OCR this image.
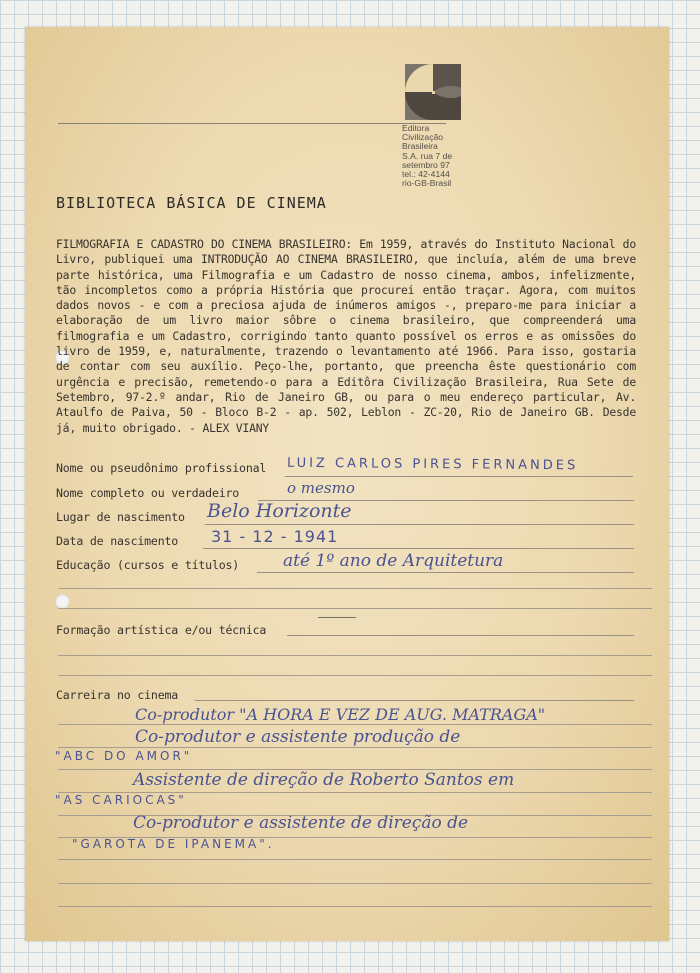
Editora
Civilização
Brasileira
S.A. rua 7 de
setembro 97
tel.: 42-4144
rio-GB-Brasil

BIBLIOTECA BÁSICA DE CINEMA

FILMOGRAFIA E CADASTRO DO CINEMA BRASILEIRO: Em 1959, através do Instituto Nacional do Livro, publiquei uma INTRODUÇÃO AO CINEMA BRASILEIRO, que incluía, além de uma breve parte histórica, uma Filmografia e um Cadastro de nosso cinema, ambos, infelizmente, tão incompletos como a própria História que procurei então traçar. Agora, com muitos dados novos - e com a preciosa ajuda de inúmeros amigos -, preparo-me para iniciar a elaboração de um livro maior sôbre o cinema brasileiro, que compreenderá uma filmografia e um Cadastro, corrigindo tanto quanto possível os erros e as omissões do livro de 1959, e, naturalmente, trazendo o levantamento até 1966. Para isso, gostaria de contar com seu auxílio. Peço-lhe, portanto, que preencha êste questionário com urgência e precisão, remetendo-o para a Editôra Civilização Brasileira, Rua Sete de Setembro, 97-2.º andar, Rio de Janeiro GB, ou para o meu endereço particular, Av. Ataulfo de Paiva, 50 - Bloco B-2 - ap. 502, Leblon - ZC-20, Rio de Janeiro GB. Desde já, muito obrigado. - ALEX VIANY

Nome ou pseudônimo profissional LUIZ CARLOS PIRES FERNANDES
Nome completo ou verdadeiro	o mesmo
Lugar de nascimento Belo Horizonte
Data de nascimento 31 - 12 - 1941
Educação (cursos e títulos)	até 1º ano de Arquitetura
Formação artística e/ou técnica
Carreira no cinema
Co-produtor "A HORA E VEZ DE AUG. MATRAGA"
Co-produtor e assistente produção de
"ABC DO AMOR"
Assistente de direção de Roberto Santos em
"AS CARIOCAS"
Co-produtor e assistente de direção de
"GAROTA DE IPANEMA".
